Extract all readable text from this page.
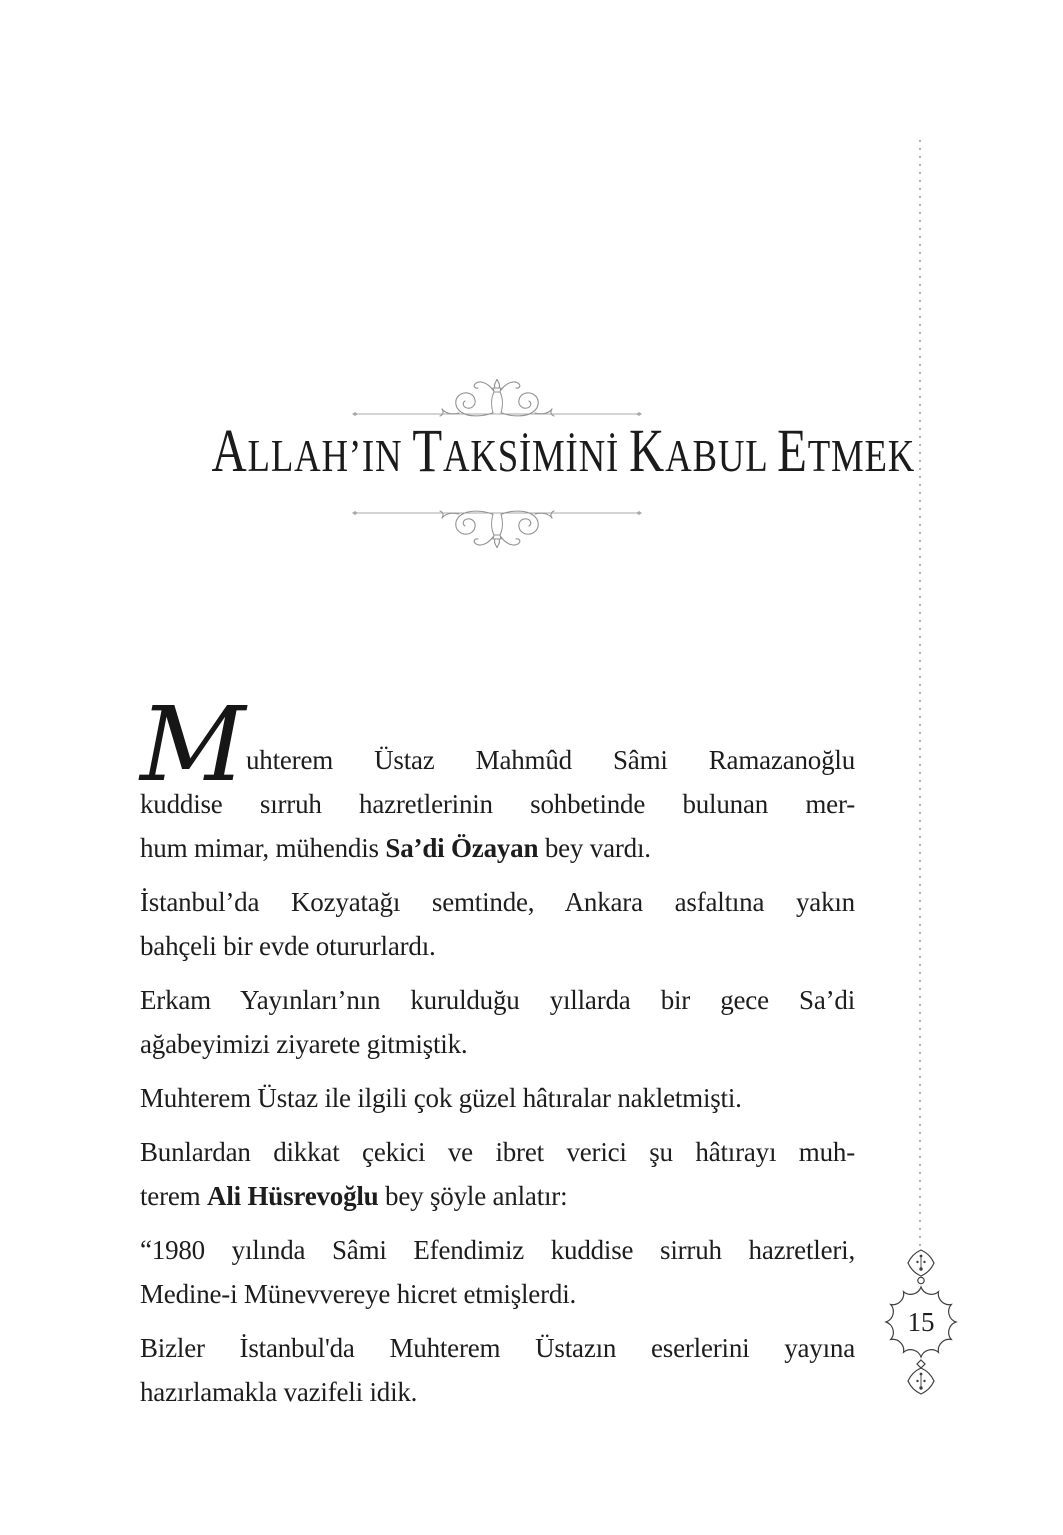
ALLAH’IN TAKSİMİNİ KABUL ETMEK
M uhterem Üstaz Mahmûd Sâmi Ramazanoğlu
kuddise sırruh hazretlerinin sohbetinde bulunan mer-
hum mimar, mühendis Sa’di Özayan bey vardı.
İstanbul’da Kozyatağı semtinde, Ankara asfaltına yakın
bahçeli bir evde otururlardı.
Erkam Yayınları’nın kurulduğu yıllarda bir gece Sa’di
ağabeyimizi ziyarete gitmiştik.
Muhterem Üstaz ile ilgili çok güzel hâtıralar nakletmişti.
Bunlardan dikkat çekici ve ibret verici şu hâtırayı muh-
terem Ali Hüsrevoğlu bey şöyle anlatır:
“1980 yılında Sâmi Efendimiz kuddise sirruh hazretleri,
Medine-i Münevvereye hicret etmişlerdi.
Bizler İstanbul'da Muhterem Üstazın eserlerini yayına
hazırlamakla vazifeli idik.
15
